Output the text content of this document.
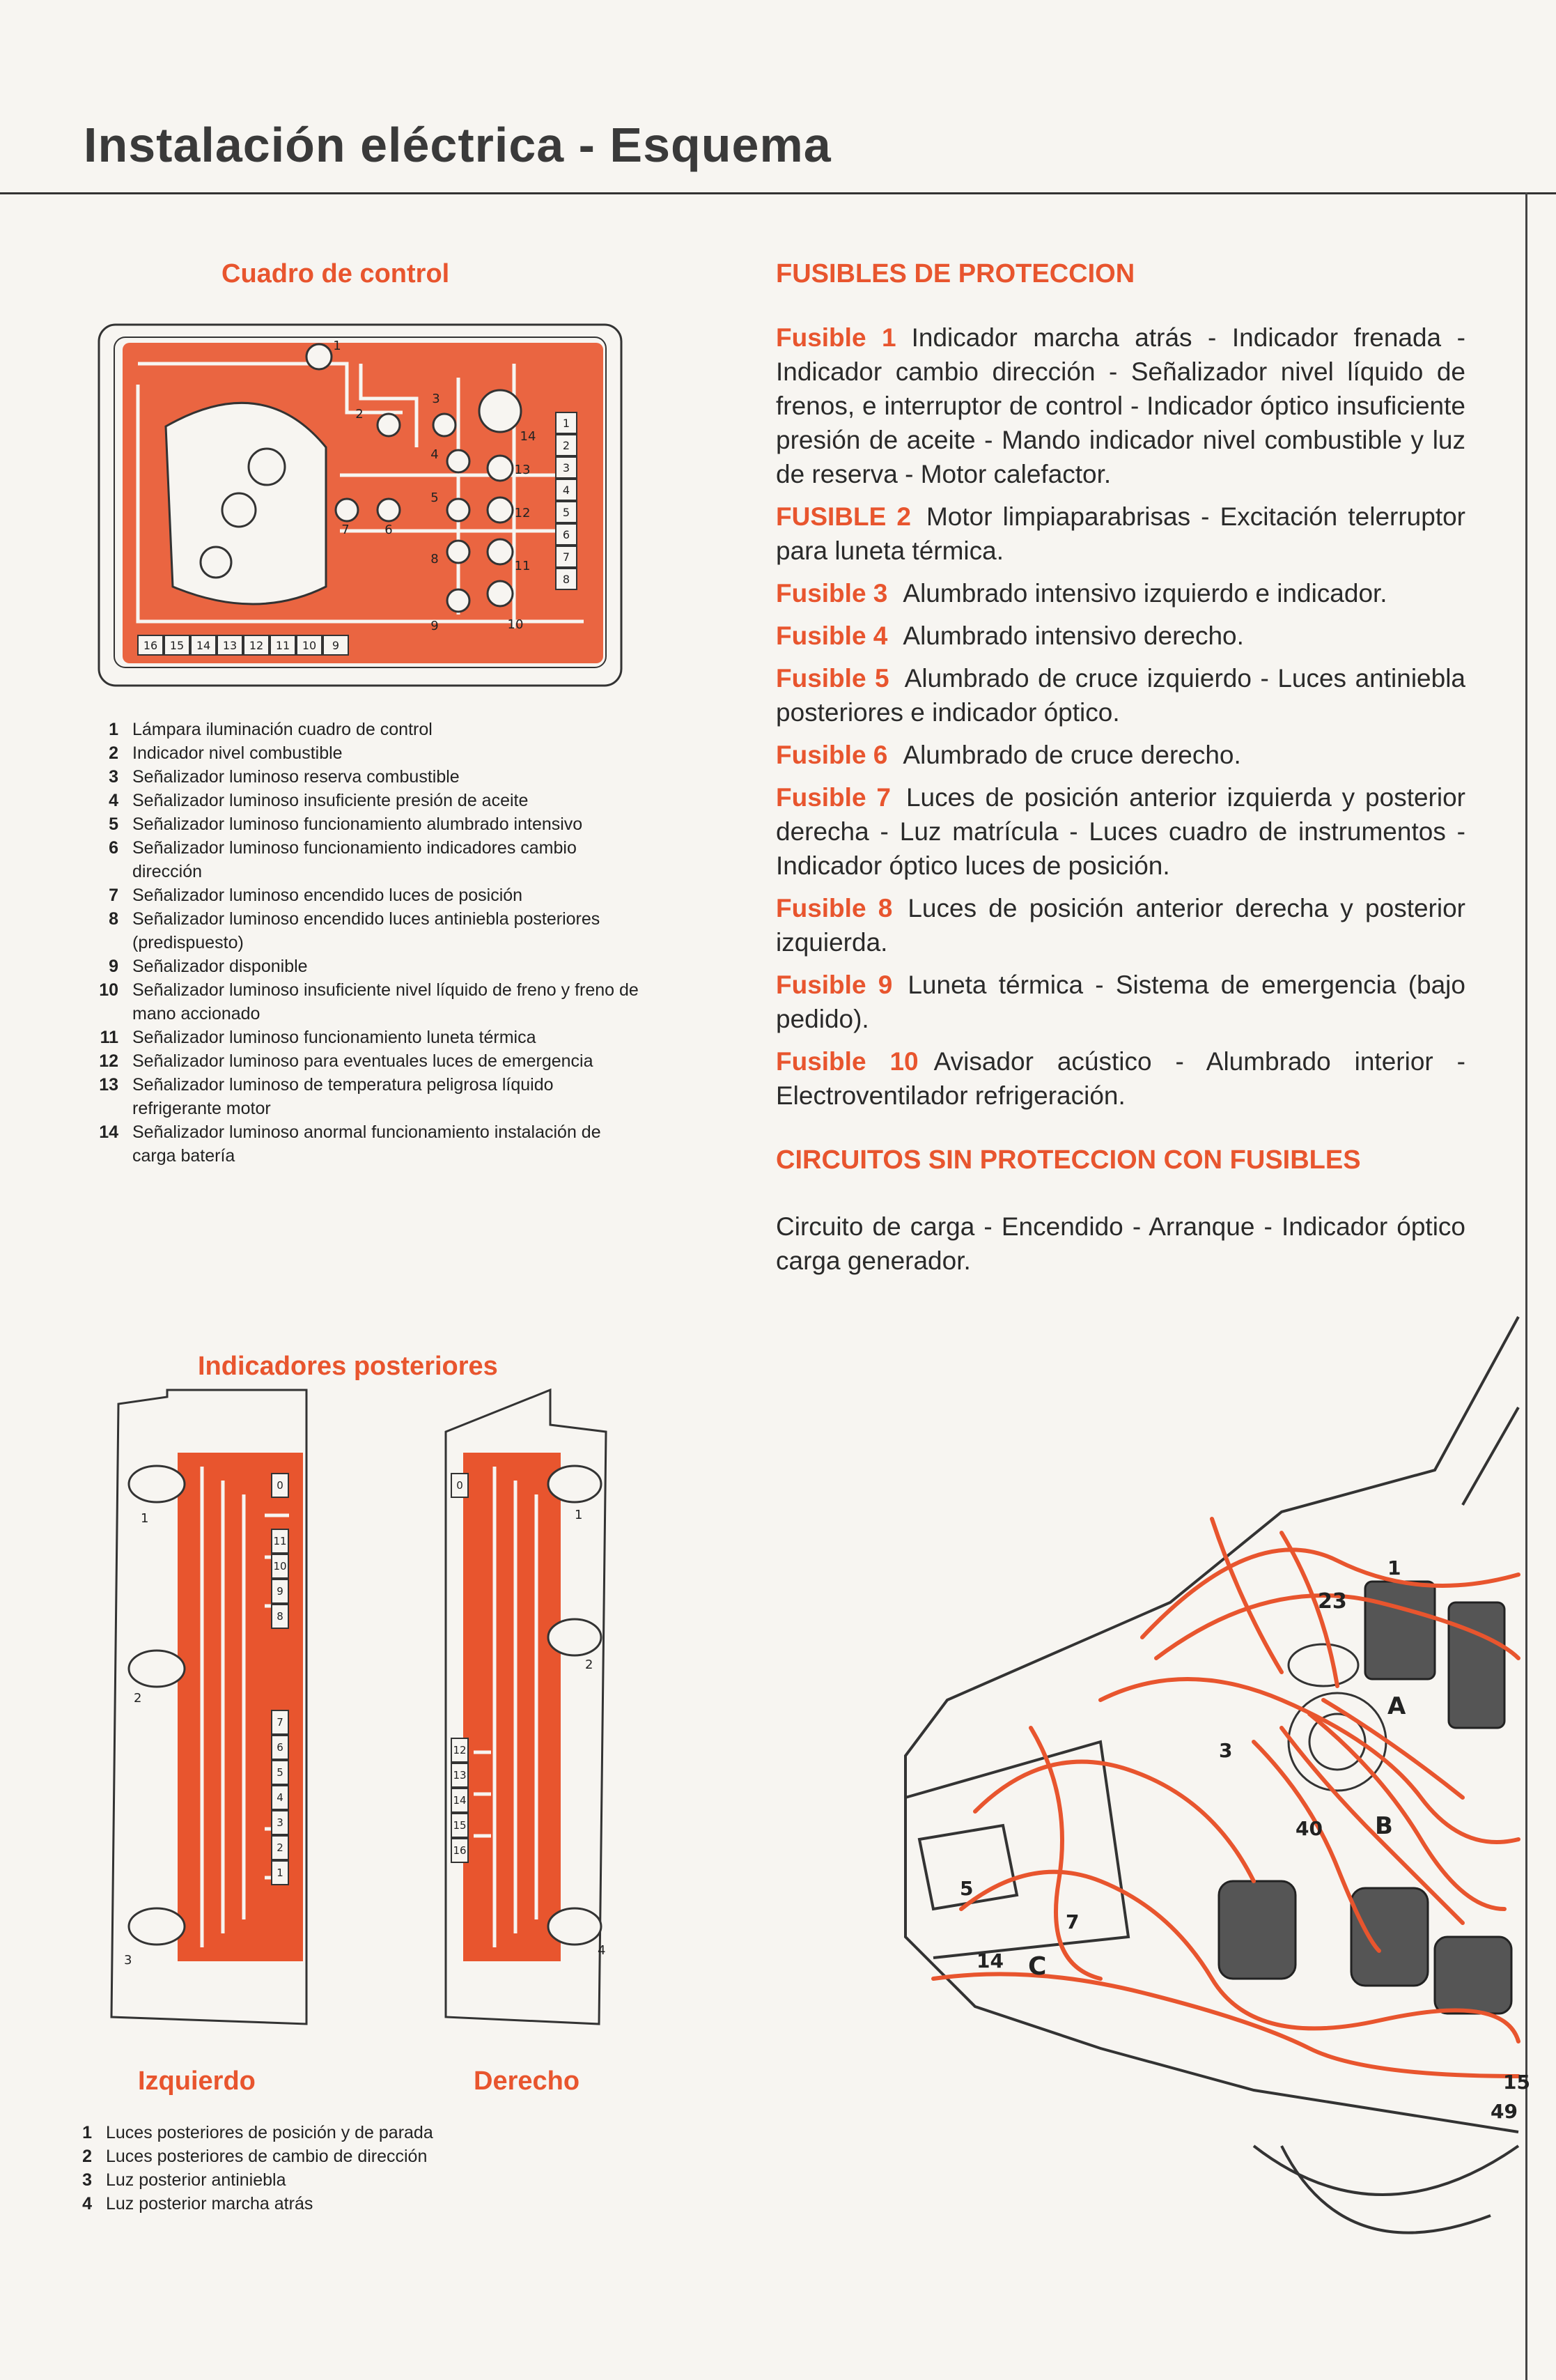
Instalación eléctrica - Esquema
Cuadro de control
1
2
3
4
5
6
7
8
16 15 14 13 12 11 10 9
1
2
3
4
5
6
7
8
9	10
11
12
13
14
1 Lámpara iluminación cuadro de control
2 Indicador nivel combustible
3 Señalizador luminoso reserva combustible
4 Señalizador luminoso insuficiente presión de aceite
5 Señalizador luminoso funcionamiento alumbrado intensivo
6 Señalizador luminoso funcionamiento indicadores cambio dirección
7 Señalizador luminoso encendido luces de posición
8 Señalizador luminoso encendido luces antiniebla posteriores (predispuesto)
9 Señalizador disponible
10 Señalizador luminoso insuficiente nivel líquido de freno y freno de mano accionado
11 Señalizador luminoso funcionamiento luneta térmica
12 Señalizador luminoso para eventuales luces de emergencia
13 Señalizador luminoso de temperatura peligrosa líquido refrigerante motor
14 Señalizador luminoso anormal funcionamiento instalación de carga batería
FUSIBLES DE PROTECCION
Fusible 1 Indicador marcha atrás - Indicador frenada - Indicador cambio dirección - Señalizador nivel líquido de frenos, e interruptor de control - Indicador óptico insuficiente presión de aceite - Mando indicador nivel combustible y luz de reserva - Motor calefactor.
FUSIBLE 2 Motor limpiaparabrisas - Excitación telerruptor para luneta térmica.
Fusible 3 Alumbrado intensivo izquierdo e indicador.
Fusible 4 Alumbrado intensivo derecho.
Fusible 5 Alumbrado de cruce izquierdo - Luces antiniebla posteriores e indicador óptico.
Fusible 6 Alumbrado de cruce derecho.
Fusible 7 Luces de posición anterior izquierda y posterior derecha - Luz matrícula - Luces cuadro de instrumentos - Indicador óptico luces de posición.
Fusible 8 Luces de posición anterior derecha y posterior izquierda.
Fusible 9 Luneta térmica - Sistema de emergencia (bajo pedido).
Fusible 10 Avisador acústico - Alumbrado interior - Electroventilador refrigeración.
CIRCUITOS SIN PROTECCION CON FUSIBLES
Circuito de carga - Encendido - Arranque - Indicador óptico carga generador.
Indicadores posteriores
0
11
10
9
8
7
6
5
4
3
2
1
1
2
3
0
12
13
14
15
16
1
2
4
Izquierdo	Derecho
1 Luces posteriores de posición y de parada
2 Luces posteriores de cambio de dirección
3 Luz posterior antiniebla
4 Luz posterior marcha atrás
1
23
A
3
40 B
5
14 C
7
15
49
